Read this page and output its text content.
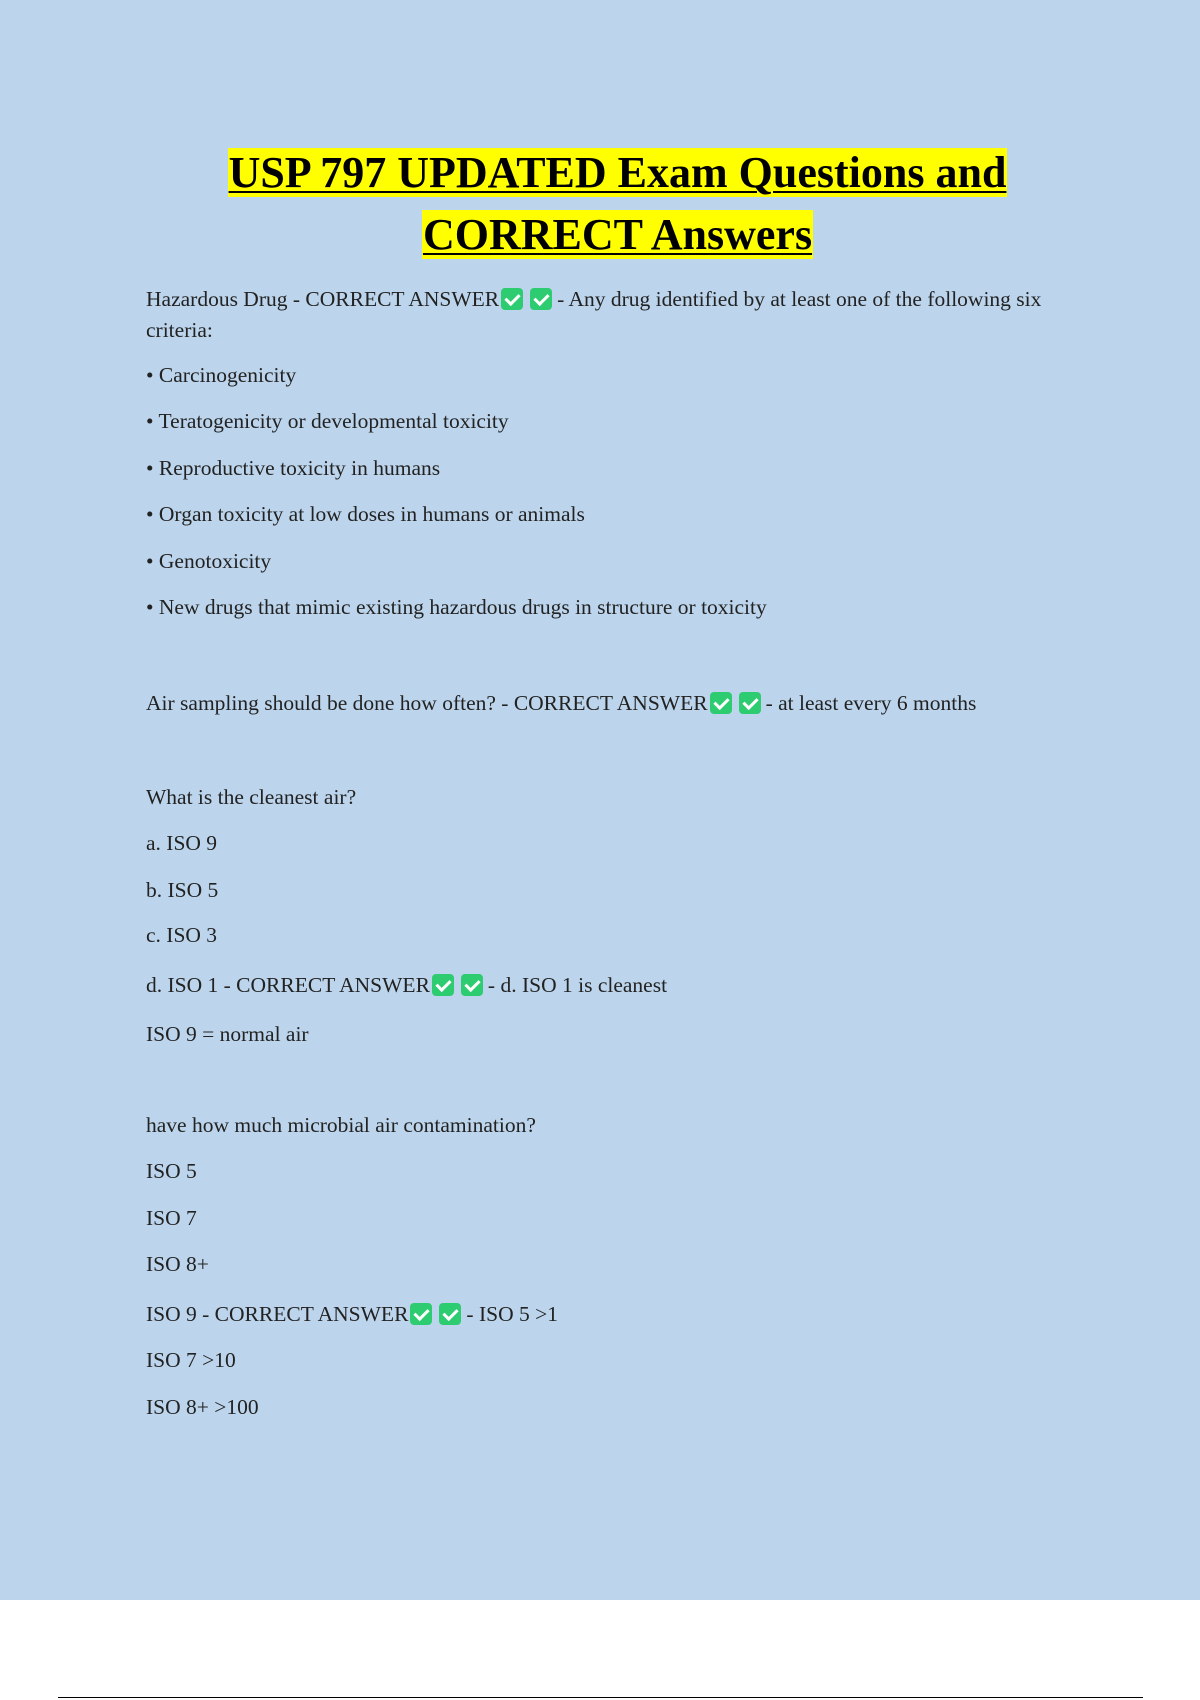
USP 797 UPDATED Exam Questions and
CORRECT Answers

Hazardous Drug - CORRECT ANSWER	- Any drug identified by at least one of the following six criteria:

• Carcinogenicity

• Teratogenicity or developmental toxicity

• Reproductive toxicity in humans

• Organ toxicity at low doses in humans or animals

• Genotoxicity

• New drugs that mimic existing hazardous drugs in structure or toxicity

Air sampling should be done how often? - CORRECT ANSWER	- at least every 6 months

What is the cleanest air?

a. ISO 9

b. ISO 5

c. ISO 3

d. ISO 1 - CORRECT ANSWER	- d. ISO 1 is cleanest

ISO 9 = normal air

have how much microbial air contamination?

ISO 5

ISO 7

ISO 8+

ISO 9 - CORRECT ANSWER	- ISO 5 >1

ISO 7 >10

ISO 8+ >100
